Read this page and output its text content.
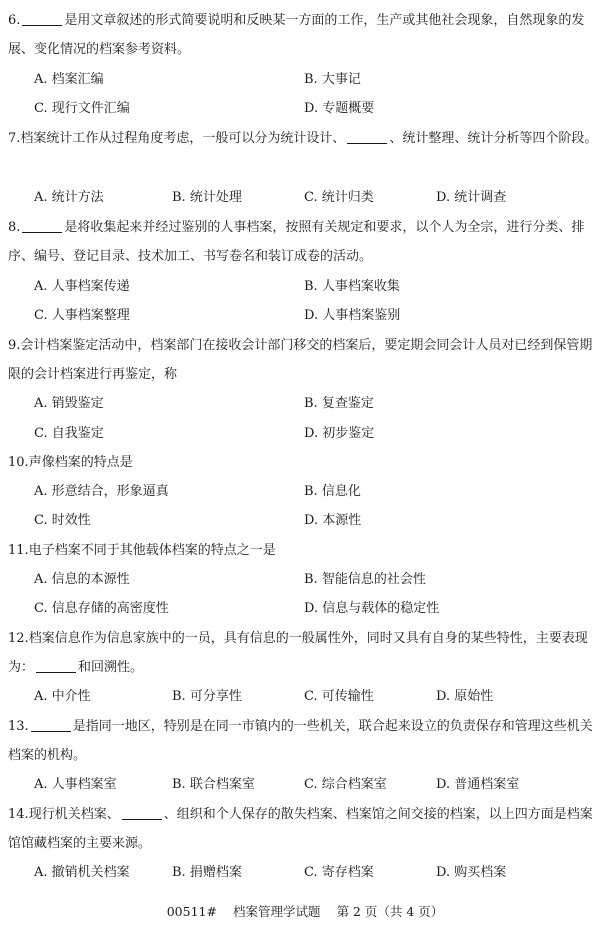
6.	是用文章叙述的形式简要说明和反映某一方面的工作，生产或其他社会现象，自然现象的发展、变化情况的档案参考资料。
A. 档案汇编	B. 大事记
C. 现行文件汇编	D. 专题概要
7.档案统计工作从过程角度考虑，一般可以分为统计设计、	、统计整理、统计分析等四个阶段。
A. 统计方法	B. 统计处理	C. 统计归类	D. 统计调查
8.	是将收集起来并经过鉴别的人事档案，按照有关规定和要求，以个人为全宗，进行分类、排序、编号、登记目录、技术加工、书写卷名和装订成卷的活动。
A. 人事档案传递	B. 人事档案收集
C. 人事档案整理	D. 人事档案鉴别
9.会计档案鉴定活动中，档案部门在接收会计部门移交的档案后，要定期会同会计人员对已经到保管期限的会计档案进行再鉴定，称
A. 销毁鉴定	B. 复查鉴定
C. 自我鉴定	D. 初步鉴定
10.声像档案的特点是
A. 形意结合，形象逼真	B. 信息化
C. 时效性	D. 本源性
11.电子档案不同于其他载体档案的特点之一是
A. 信息的本源性	B. 智能信息的社会性
C. 信息存储的高密度性	D. 信息与载体的稳定性
12.档案信息作为信息家族中的一员，具有信息的一般属性外，同时又具有自身的某些特性，主要表现为：	和回溯性。
A. 中介性	B. 可分享性	C. 可传输性	D. 原始性
13.	是指同一地区，特别是在同一市镇内的一些机关，联合起来设立的负责保存和管理这些机关档案的机构。
A. 人事档案室	B. 联合档案室	C. 综合档案室	D. 普通档案室
14.现行机关档案、	、组织和个人保存的散失档案、档案馆之间交接的档案，以上四方面是档案馆馆藏档案的主要来源。
A. 撤销机关档案	B. 捐赠档案	C. 寄存档案	D. 购买档案
00511# 档案管理学试题 第 2 页（共 4 页）
